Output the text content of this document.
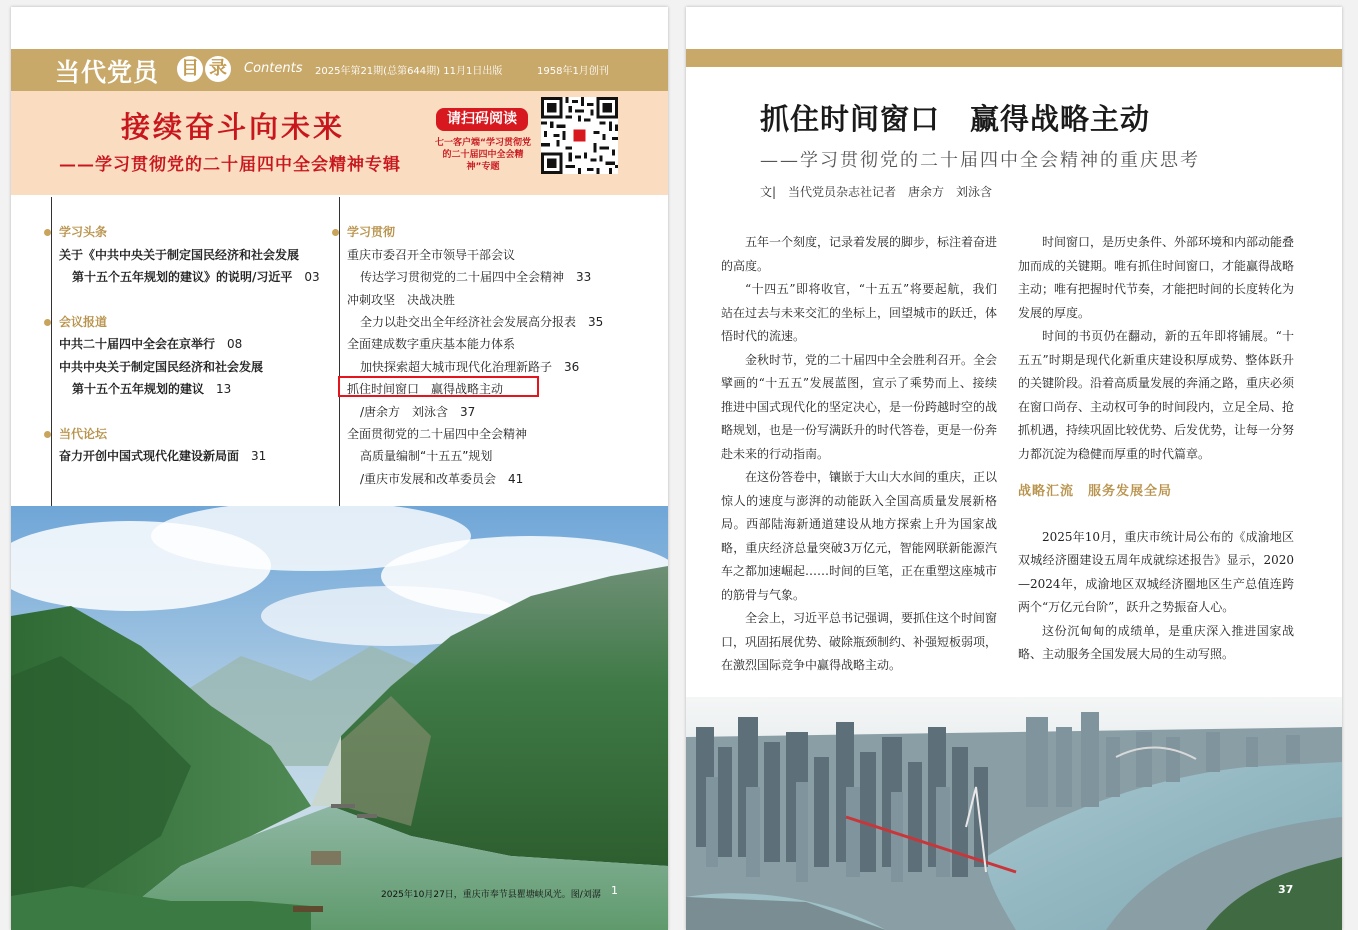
当代党员 目 录	Contents 2025年第21期(总第644期) 11月1日出版	1958年1月创刊
接续奋斗向未来
——学习贯彻党的二十届四中全会精神专辑
请扫码阅读
七一客户端“学习贯彻党的二十届四中全会精神”专题
学习头条
关于《中共中央关于制定国民经济和社会发展
第十五个五年规划的建议》的说明/习近平 03
会议报道
中共二十届四中全会在京举行 08
中共中央关于制定国民经济和社会发展
第十五个五年规划的建议 13
当代论坛
奋力开创中国式现代化建设新局面 31
学习贯彻
重庆市委召开全市领导干部会议
传达学习贯彻党的二十届四中全会精神 33
冲刺攻坚　决战决胜
全力以赴交出全年经济社会发展高分报表 35
全面建成数字重庆基本能力体系
加快探索超大城市现代化治理新路子 36
抓住时间窗口　赢得战略主动
/唐余方　刘泳含 37
全面贯彻党的二十届四中全会精神
高质量编制“十五五”规划
/重庆市发展和改革委员会 41
2025年10月27日，重庆市奉节县瞿塘峡风光。图/刘潺 1
抓住时间窗口　赢得战略主动
——学习贯彻党的二十届四中全会精神的重庆思考
文|　当代党员杂志社记者　唐余方　刘泳含

五年一个刻度，记录着发展的脚步，标注着奋进的高度。

“十四五”即将收官，“十五五”将要起航，我们站在过去与未来交汇的坐标上，回望城市的跃迁，体悟时代的流速。

金秋时节，党的二十届四中全会胜利召开。全会擘画的“十五五”发展蓝图，宣示了乘势而上、接续推进中国式现代化的坚定决心，是一份跨越时空的战略规划，也是一份写满跃升的时代答卷，更是一份奔赴未来的行动指南。

在这份答卷中，镶嵌于大山大水间的重庆，正以惊人的速度与澎湃的动能跃入全国高质量发展新格局。西部陆海新通道建设从地方探索上升为国家战略，重庆经济总量突破3万亿元，智能网联新能源汽车之都加速崛起……时间的巨笔，正在重塑这座城市的筋骨与气象。

全会上，习近平总书记强调，要抓住这个时间窗口，巩固拓展优势、破除瓶颈制约、补强短板弱项，在激烈国际竞争中赢得战略主动。

时间窗口，是历史条件、外部环境和内部动能叠加而成的关键期。唯有抓住时间窗口，才能赢得战略主动；唯有把握时代节奏，才能把时间的长度转化为发展的厚度。

时间的书页仍在翻动，新的五年即将铺展。“十五五”时期是现代化新重庆建设积厚成势、整体跃升的关键阶段。沿着高质量发展的奔涌之路，重庆必须在窗口尚存、主动权可争的时间段内，立足全局、抢抓机遇，持续巩固比较优势、后发优势，让每一分努力都沉淀为稳健而厚重的时代篇章。

战略汇流　服务发展全局

2025年10月，重庆市统计局公布的《成渝地区双城经济圈建设五周年成就综述报告》显示，2020—2024年，成渝地区双城经济圈地区生产总值连跨两个“万亿元台阶”，跃升之势振奋人心。

这份沉甸甸的成绩单，是重庆深入推进国家战略、主动服务全国发展大局的生动写照。

37
